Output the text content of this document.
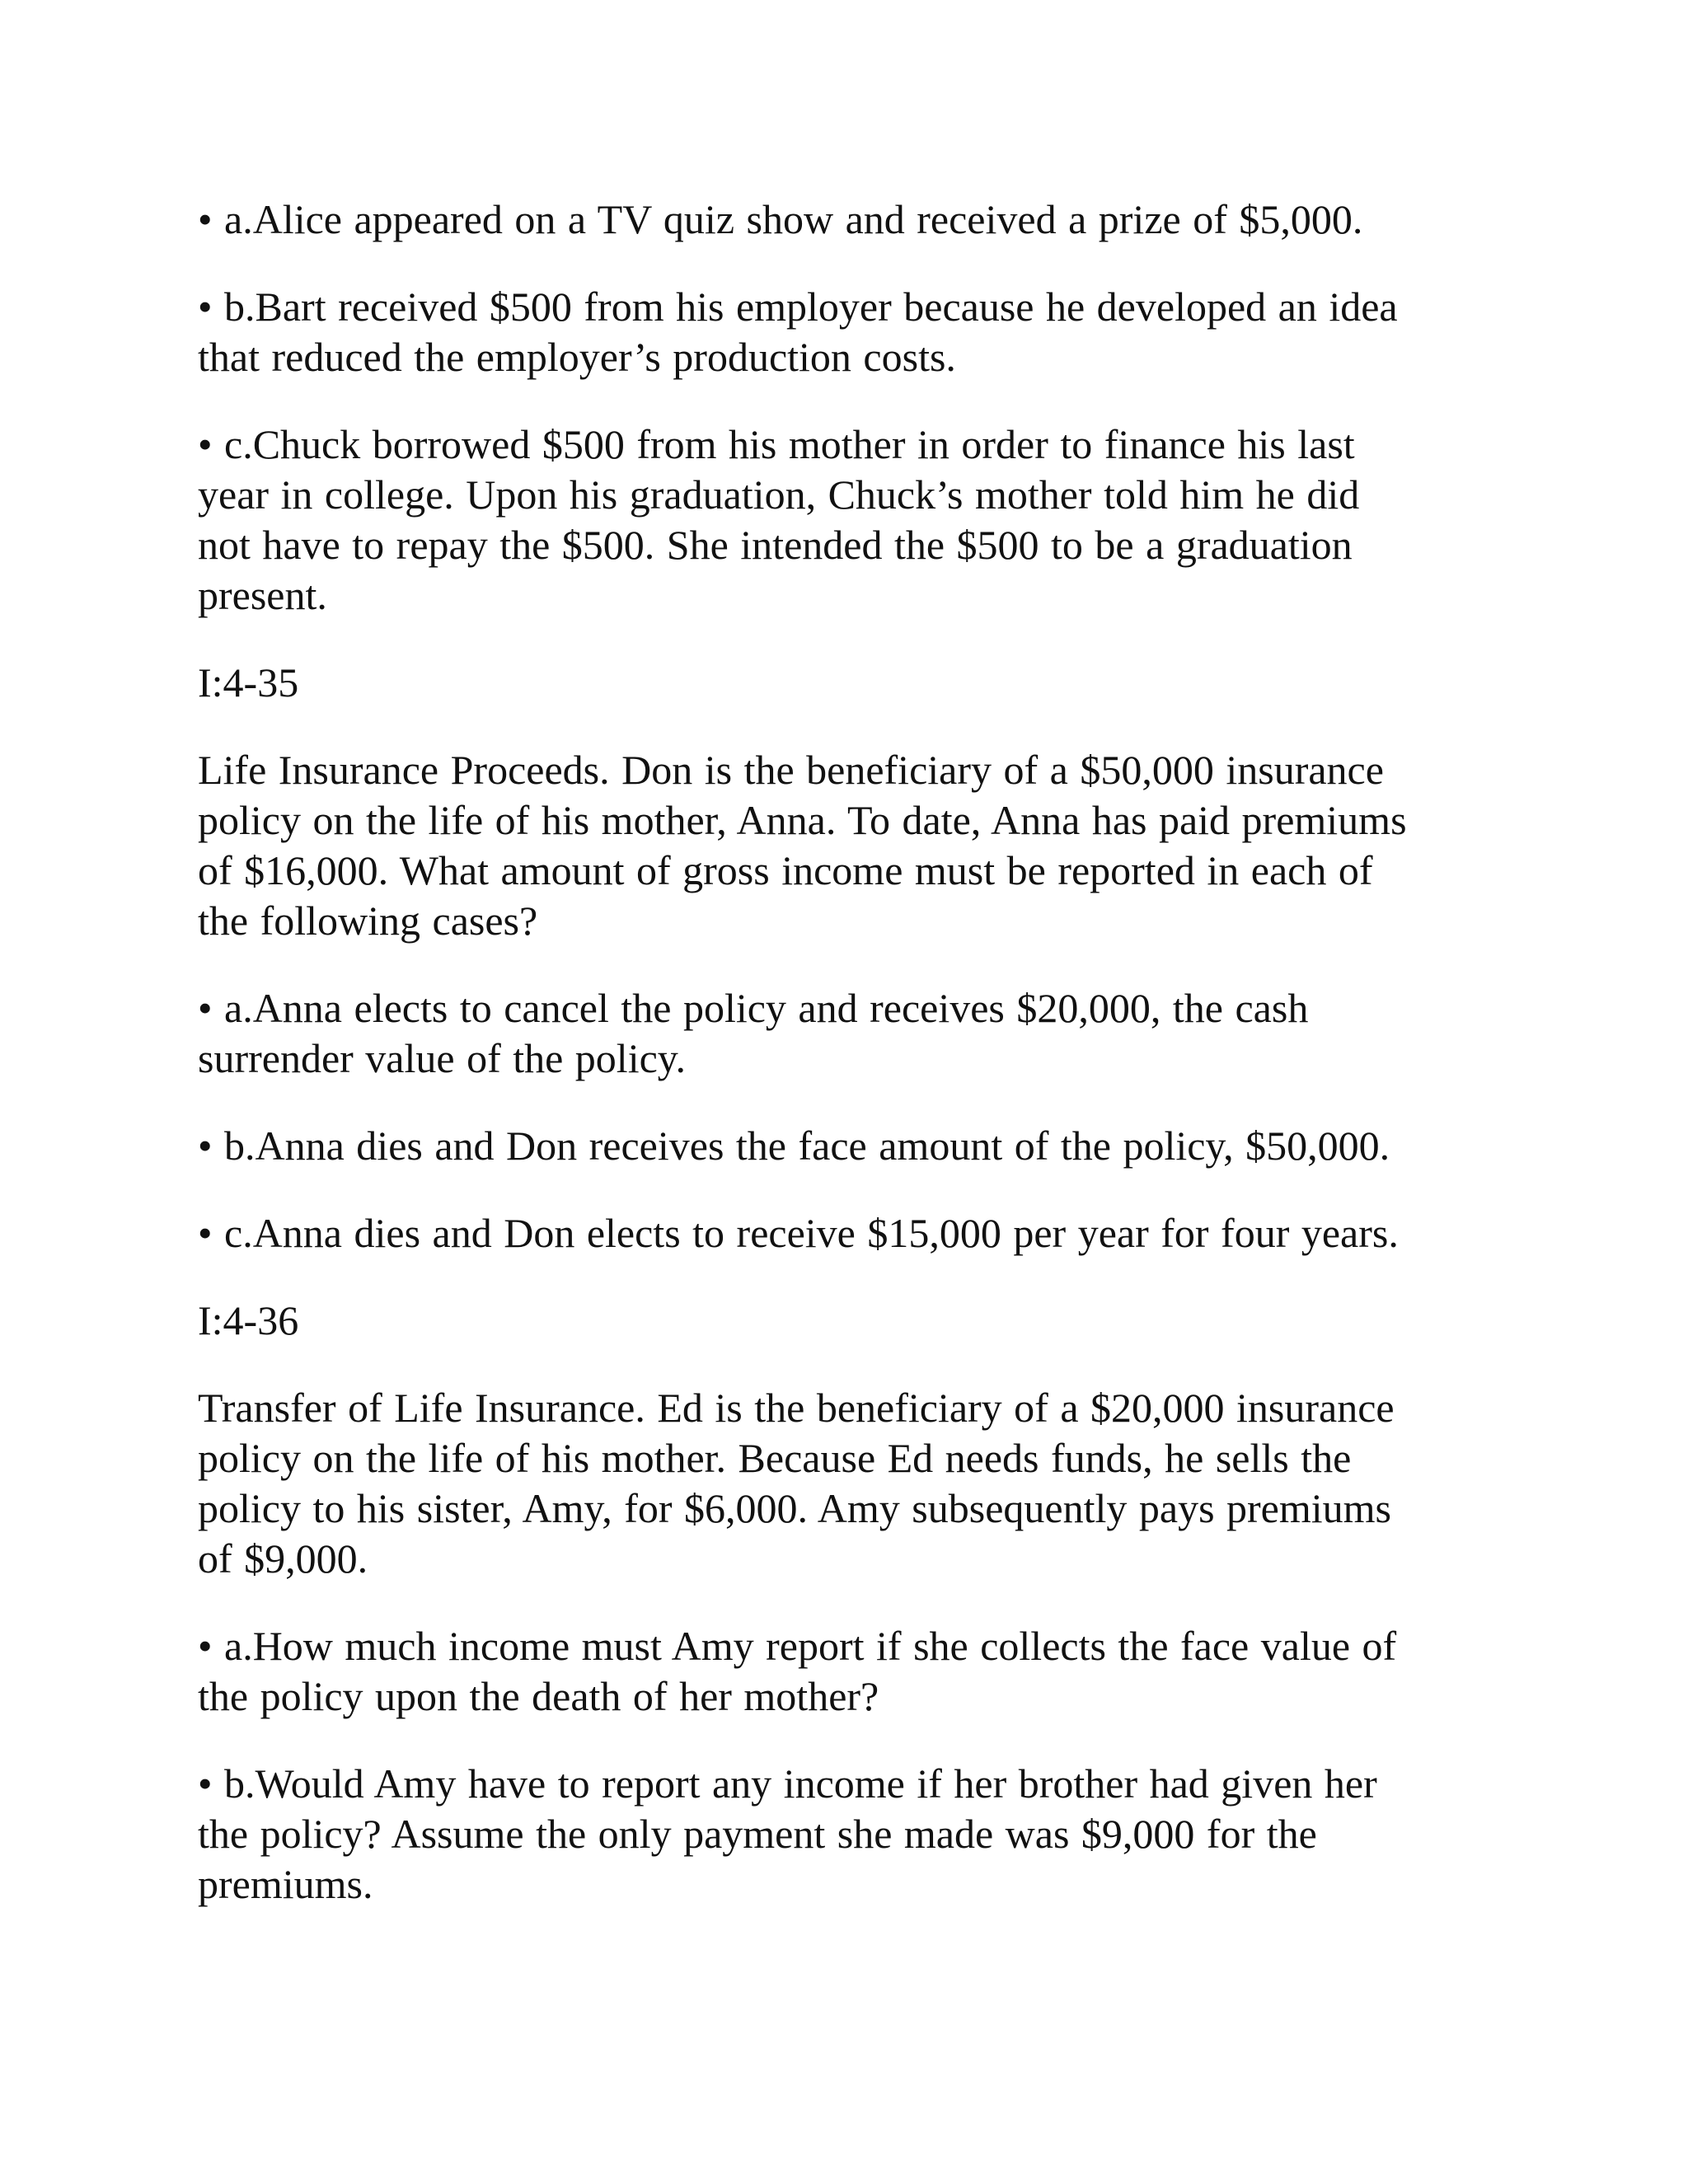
• a.Alice appeared on a TV quiz show and received a prize of $5,000.

• b.Bart received $500 from his employer because he developed an idea
that reduced the employer’s production costs.

• c.Chuck borrowed $500 from his mother in order to finance his last
year in college. Upon his graduation, Chuck’s mother told him he did
not have to repay the $500. She intended the $500 to be a graduation
present.

I:4-35

Life Insurance Proceeds. Don is the beneficiary of a $50,000 insurance
policy on the life of his mother, Anna. To date, Anna has paid premiums
of $16,000. What amount of gross income must be reported in each of
the following cases?

• a.Anna elects to cancel the policy and receives $20,000, the cash
surrender value of the policy.

• b.Anna dies and Don receives the face amount of the policy, $50,000.

• c.Anna dies and Don elects to receive $15,000 per year for four years.

I:4-36

Transfer of Life Insurance. Ed is the beneficiary of a $20,000 insurance
policy on the life of his mother. Because Ed needs funds, he sells the
policy to his sister, Amy, for $6,000. Amy subsequently pays premiums
of $9,000.

• a.How much income must Amy report if she collects the face value of
the policy upon the death of her mother?

• b.Would Amy have to report any income if her brother had given her
the policy? Assume the only payment she made was $9,000 for the
premiums.
